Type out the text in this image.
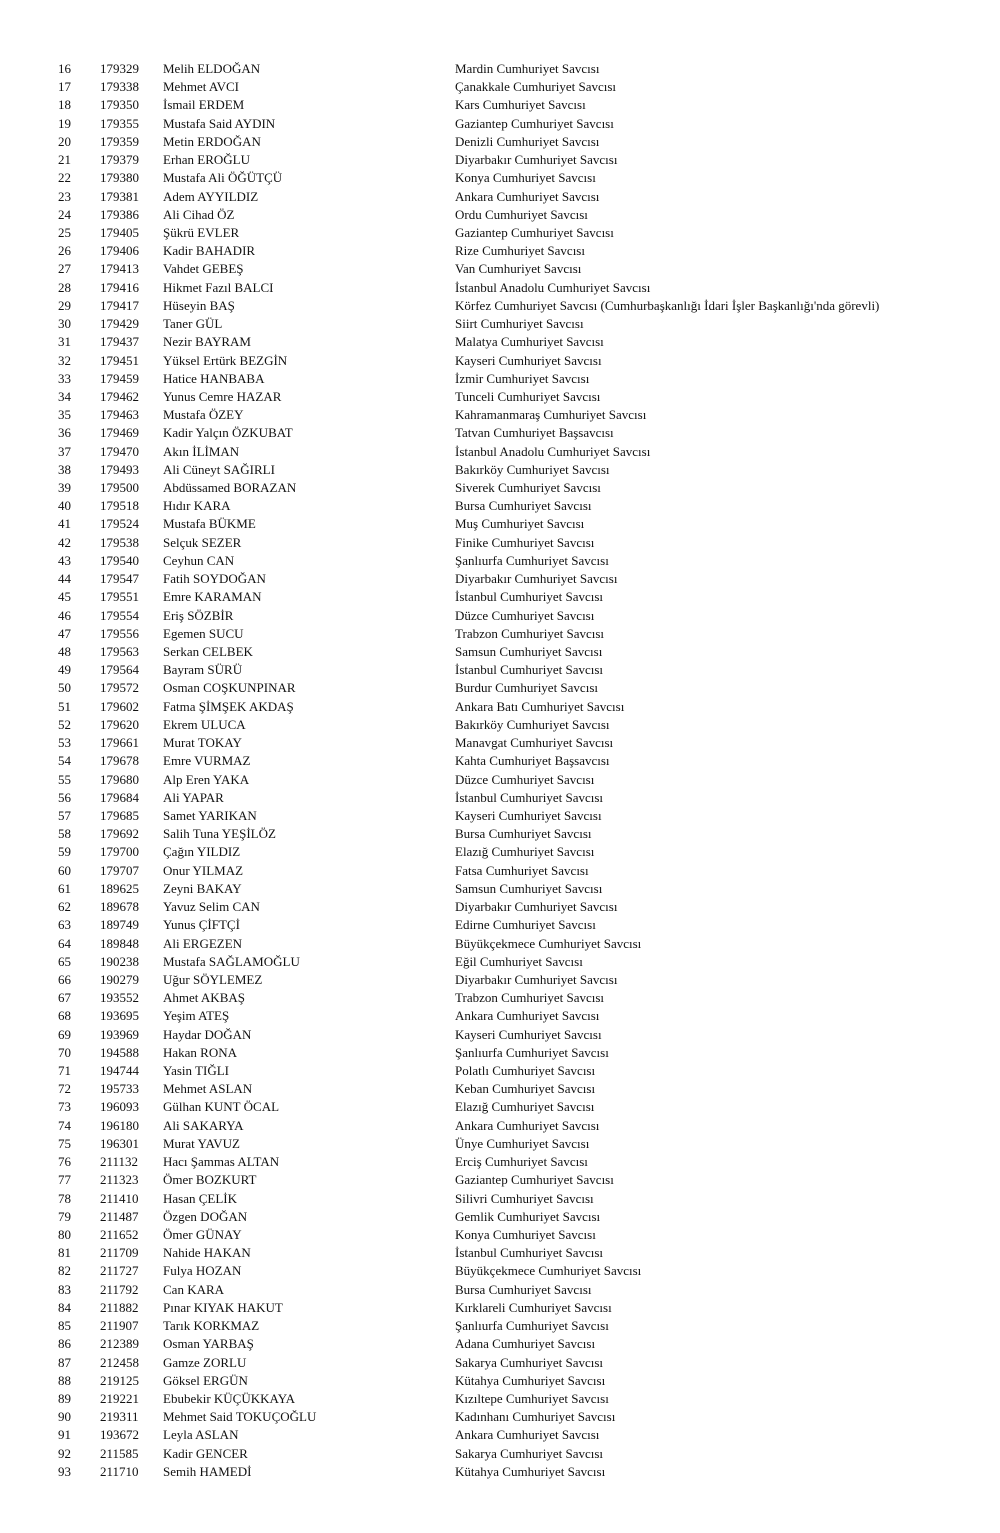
16	179329	Melih ELDOĞAN	Mardin Cumhuriyet Savcısı
17	179338	Mehmet AVCI	Çanakkale Cumhuriyet Savcısı
18	179350	İsmail ERDEM	Kars Cumhuriyet Savcısı
19	179355	Mustafa Said AYDIN	Gaziantep Cumhuriyet Savcısı
20	179359	Metin ERDOĞAN	Denizli Cumhuriyet Savcısı
21	179379	Erhan EROĞLU	Diyarbakır Cumhuriyet Savcısı
22	179380	Mustafa Ali ÖĞÜTÇÜ	Konya Cumhuriyet Savcısı
23	179381	Adem AYYILDIZ	Ankara Cumhuriyet Savcısı
24	179386	Ali Cihad ÖZ	Ordu Cumhuriyet Savcısı
25	179405	Şükrü EVLER	Gaziantep Cumhuriyet Savcısı
26	179406	Kadir BAHADIR	Rize Cumhuriyet Savcısı
27	179413	Vahdet GEBEŞ	Van Cumhuriyet Savcısı
28	179416	Hikmet Fazıl BALCI	İstanbul Anadolu Cumhuriyet Savcısı
29	179417	Hüseyin BAŞ	Körfez Cumhuriyet Savcısı (Cumhurbaşkanlığı İdari İşler Başkanlığı'nda görevli)
30	179429	Taner GÜL	Siirt Cumhuriyet Savcısı
31	179437	Nezir BAYRAM	Malatya Cumhuriyet Savcısı
32	179451	Yüksel Ertürk BEZGİN	Kayseri Cumhuriyet Savcısı
33	179459	Hatice HANBABA	İzmir Cumhuriyet Savcısı
34	179462	Yunus Cemre HAZAR	Tunceli Cumhuriyet Savcısı
35	179463	Mustafa ÖZEY	Kahramanmaraş Cumhuriyet Savcısı
36	179469	Kadir Yalçın ÖZKUBAT	Tatvan Cumhuriyet Başsavcısı
37	179470	Akın İLİMAN	İstanbul Anadolu Cumhuriyet Savcısı
38	179493	Ali Cüneyt SAĞIRLI	Bakırköy Cumhuriyet Savcısı
39	179500	Abdüssamed BORAZAN	Siverek Cumhuriyet Savcısı
40	179518	Hıdır KARA	Bursa Cumhuriyet Savcısı
41	179524	Mustafa BÜKME	Muş Cumhuriyet Savcısı
42	179538	Selçuk SEZER	Finike Cumhuriyet Savcısı
43	179540	Ceyhun CAN	Şanlıurfa Cumhuriyet Savcısı
44	179547	Fatih SOYDOĞAN	Diyarbakır Cumhuriyet Savcısı
45	179551	Emre KARAMAN	İstanbul Cumhuriyet Savcısı
46	179554	Eriş SÖZBİR	Düzce Cumhuriyet Savcısı
47	179556	Egemen SUCU	Trabzon Cumhuriyet Savcısı
48	179563	Serkan CELBEK	Samsun Cumhuriyet Savcısı
49	179564	Bayram SÜRÜ	İstanbul Cumhuriyet Savcısı
50	179572	Osman COŞKUNPINAR	Burdur Cumhuriyet Savcısı
51	179602	Fatma ŞİMŞEK AKDAŞ	Ankara Batı Cumhuriyet Savcısı
52	179620	Ekrem ULUCA	Bakırköy Cumhuriyet Savcısı
53	179661	Murat TOKAY	Manavgat Cumhuriyet Savcısı
54	179678	Emre VURMAZ	Kahta Cumhuriyet Başsavcısı
55	179680	Alp Eren YAKA	Düzce Cumhuriyet Savcısı
56	179684	Ali YAPAR	İstanbul Cumhuriyet Savcısı
57	179685	Samet YARIKAN	Kayseri Cumhuriyet Savcısı
58	179692	Salih Tuna YEŞİLÖZ	Bursa Cumhuriyet Savcısı
59	179700	Çağın YILDIZ	Elazığ Cumhuriyet Savcısı
60	179707	Onur YILMAZ	Fatsa Cumhuriyet Savcısı
61	189625	Zeyni BAKAY	Samsun Cumhuriyet Savcısı
62	189678	Yavuz Selim CAN	Diyarbakır Cumhuriyet Savcısı
63	189749	Yunus ÇİFTÇİ	Edirne Cumhuriyet Savcısı
64	189848	Ali ERGEZEN	Büyükçekmece Cumhuriyet Savcısı
65	190238	Mustafa SAĞLAMOĞLU	Eğil Cumhuriyet Savcısı
66	190279	Uğur SÖYLEMEZ	Diyarbakır Cumhuriyet Savcısı
67	193552	Ahmet AKBAŞ	Trabzon Cumhuriyet Savcısı
68	193695	Yeşim ATEŞ	Ankara Cumhuriyet Savcısı
69	193969	Haydar DOĞAN	Kayseri Cumhuriyet Savcısı
70	194588	Hakan RONA	Şanlıurfa Cumhuriyet Savcısı
71	194744	Yasin TIĞLI	Polatlı Cumhuriyet Savcısı
72	195733	Mehmet ASLAN	Keban Cumhuriyet Savcısı
73	196093	Gülhan KUNT ÖCAL	Elazığ Cumhuriyet Savcısı
74	196180	Ali SAKARYA	Ankara Cumhuriyet Savcısı
75	196301	Murat YAVUZ	Ünye Cumhuriyet Savcısı
76	211132	Hacı Şammas ALTAN	Erciş Cumhuriyet Savcısı
77	211323	Ömer BOZKURT	Gaziantep Cumhuriyet Savcısı
78	211410	Hasan ÇELİK	Silivri Cumhuriyet Savcısı
79	211487	Özgen DOĞAN	Gemlik Cumhuriyet Savcısı
80	211652	Ömer GÜNAY	Konya Cumhuriyet Savcısı
81	211709	Nahide HAKAN	İstanbul Cumhuriyet Savcısı
82	211727	Fulya HOZAN	Büyükçekmece Cumhuriyet Savcısı
83	211792	Can KARA	Bursa Cumhuriyet Savcısı
84	211882	Pınar KIYAK HAKUT	Kırklareli Cumhuriyet Savcısı
85	211907	Tarık KORKMAZ	Şanlıurfa Cumhuriyet Savcısı
86	212389	Osman YARBAŞ	Adana Cumhuriyet Savcısı
87	212458	Gamze ZORLU	Sakarya Cumhuriyet Savcısı
88	219125	Göksel ERGÜN	Kütahya Cumhuriyet Savcısı
89	219221	Ebubekir KÜÇÜKKAYA	Kızıltepe Cumhuriyet Savcısı
90	219311	Mehmet Said TOKUÇOĞLU	Kadınhanı Cumhuriyet Savcısı
91	193672	Leyla ASLAN	Ankara Cumhuriyet Savcısı
92	211585	Kadir GENCER	Sakarya Cumhuriyet Savcısı
93	211710	Semih HAMEDİ	Kütahya Cumhuriyet Savcısı
